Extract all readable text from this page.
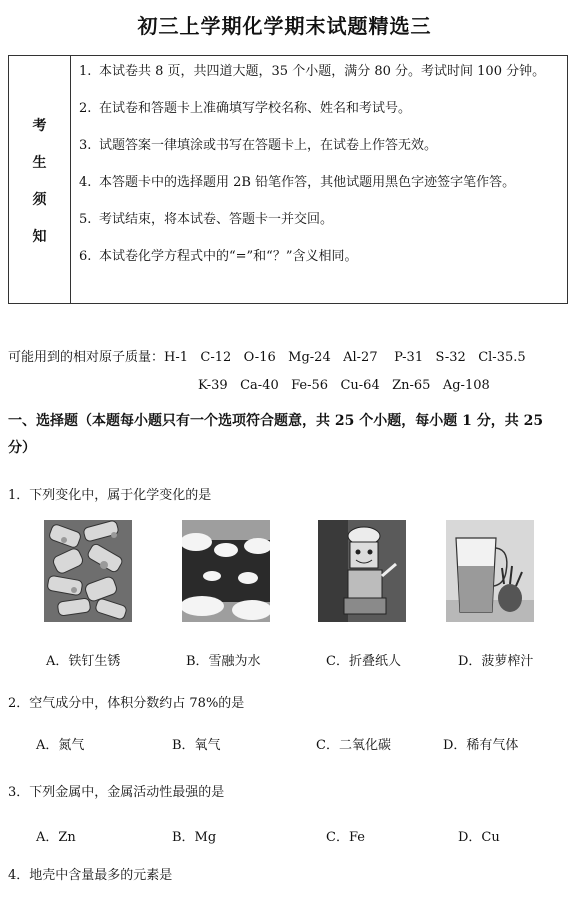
初三上学期化学期末试题精选三
考
生
须
知
1. 本试卷共 8 页，共四道大题，35 个小题，满分 80 分。考试时间 100 分钟。
2. 在试卷和答题卡上准确填写学校名称、姓名和考试号。
3. 试题答案一律填涂或书写在答题卡上，在试卷上作答无效。
4. 本答题卡中的选择题用 2B 铅笔作答，其他试题用黑色字迹签字笔作答。
5. 考试结束，将本试卷、答题卡一并交回。
6. 本试卷化学方程式中的“=”和“？”含义相同。
可能用到的相对原子质量：H-1   C-12   O-16   Mg-24   Al-27    P-31   S-32   Cl-35.5
K-39   Ca-40   Fe-56   Cu-64   Zn-65   Ag-108
一、选择题（本题每小题只有一个选项符合题意，共 25 个小题，每小题 1 分，共 25 分）
1．下列变化中，属于化学变化的是
A．铁钉生锈	B．雪融为水	C．折叠纸人	D．菠萝榨汁
2．空气成分中，体积分数约占 78%的是
A．氮气	B．氧气	C．二氧化碳	D．稀有气体
3．下列金属中，金属活动性最强的是
A．Zn	B．Mg	C．Fe	D．Cu
4．地壳中含量最多的元素是
